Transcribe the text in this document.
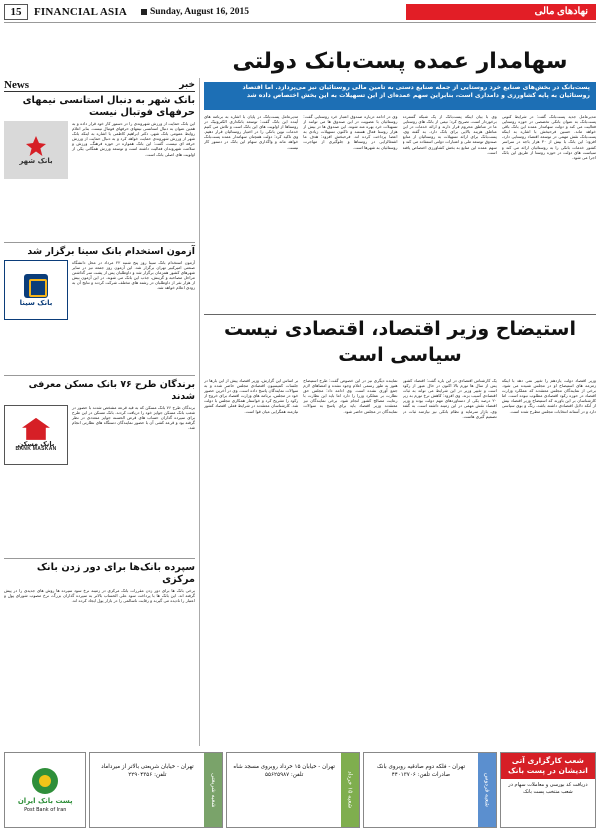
15	FINANCIAL ASIA	Sunday, August 16, 2015	نهادهای مالی
سهامدار عمده پست‌بانک دولتی
پست‌بانک در بخش‌های صنایع خرد روستایی از جمله صنایع دستی به تامین مالی روستائیان نیز می‌پردازد. اما اقتصاد روستائیان به پایه کشاورزی و دامداری است، بنابراین سهم عمده‌ای از این تسهیلات به این بخش اختصاص داده شد
مدیرعامل جدید پست‌بانک گفت: در شرایط کنونی پست‌بانک به عنوان بانکی تخصصی در حوزه روستایی فعالیت می کند و دولت سهامدار عمده این بانک باقی خواهد ماند. حسین فرحبخش با اشاره به اینکه پست‌بانک نقش مهمی در توسعه اقتصاد روستایی دارد، افزود: این بانک با بیش از ۳۰ هزار باجه در سراسر کشور خدمات بانکی را به روستائیان ارائه می کند و سیاست های دولت در حوزه روستا از طریق این بانک اجرا می شود.
وی با بیان اینکه پست‌بانک از یک شبکه گسترده برخوردار است، تصریح کرد: نیمی از بانک های روستایی ما در مناطق محروم قرار دارند و ارائه خدمات در این مناطق هزینه بالایی برای بانک دارد. به گفته وی، پست‌بانک برای ارائه تسهیلات به روستائیان از منابع صندوق توسعه ملی و اعتبارات دولتی استفاده می کند و سهم عمده این منابع به بخش کشاورزی اختصاص یافته است.
وی در ادامه درباره صندوق اعتبار خرد روستایی گفت: روستائیان با عضویت در این صندوق ها می توانند از تسهیلات خرد بهره مند شوند. این صندوق ها در بیش از هزار روستا فعال هستند و تاکنون تسهیلات زیادی به اعضا پرداخت کرده اند. فرحبخش افزود: هدف ما اشتغالزایی در روستاها و جلوگیری از مهاجرت روستائیان به شهرها است.
مدیرعامل پست‌بانک در پایان با اشاره به برنامه های آینده این بانک گفت: توسعه بانکداری الکترونیک در روستاها از اولویت های این بانک است و تلاش می کنیم خدمات نوین بانکی را در اختیار روستائیان قرار دهیم. وی تاکید کرد: دولت همچنان سهامدار عمده پست‌بانک خواهد ماند و واگذاری سهام این بانک در دستور کار نیست.
استیضاح وزیر اقتصاد، اقتصادی نیست سیاسی است
وزیر اقتصاد دولت یازدهم را تغییر نمی دهد با اینکه زمزمه های استیضاح او در مجلس شنیده می شود. برخی از نمایندگان مجلس معتقدند که عملکرد وزارت اقتصاد در حوزه رکود اقتصادی مطلوب نبوده است. اما کارشناسان بر این باورند که استیضاح وزیر اقتصاد بیش از آنکه دلایل اقتصادی داشته باشد، رنگ و بوی سیاسی دارد و در آستانه انتخابات مجلس مطرح شده است.
یک کارشناس اقتصادی در این باره گفت: اقتصاد کشور پس از سال ها تورم بالا اکنون در حال عبور از رکود است و تغییر وزیر در این شرایط می تواند به ثبات اقتصادی آسیب بزند. وی افزود: کاهش نرخ تورم به زیر ۲۰ درصد یکی از دستاوردهای مهم دولت بوده و وزیر اقتصاد نقش مهمی در این زمینه داشته است. به گفته وی، بازار سرمایه و نظام بانکی نیز نیازمند ثبات در تصمیم گیری هاست.
نماینده دیگری نیز در این خصوص گفت: طرح استیضاح هنوز به طور رسمی اعلام وجود نشده و امضاهای لازم جمع آوری نشده است. وی ادامه داد: مجلس حق نظارت بر عملکرد وزرا را دارد اما باید این نظارت با رعایت مصالح کشور انجام شود. برخی نمایندگان نیز معتقدند وزیر اقتصاد باید برای پاسخ به سوالات نمایندگان در مجلس حاضر شود.
بر اساس این گزارش، وزیر اقتصاد پیش از این بارها در جلسات کمیسیون اقتصادی مجلس حاضر شده و به سوالات نمایندگان پاسخ داده است. وی در آخرین حضور خود در مجلس، برنامه های وزارت اقتصاد برای خروج از رکود را تشریح کرد و خواستار همکاری مجلس با دولت شد. کارشناسان معتقدند در شرایط فعلی اقتصاد کشور نیازمند همگرایی میان قوا است.
News	خبر
بانک شهر به دنبال استانسی نیمهای حرفهای فوتبال نیست
بانک شهر

این بانک حمایت از ورزش شهروندی را در دستور کار خود قرار داده و به همین عنوان به دنبال استانسی نیمهای حرفهای فوتبال نیست. بنابر اعلام روابط عمومی بانک شهر، دکتر ابراهیم کاظمی با اشاره به اینکه بانک شهر از ورزش شهروندی حمایت خواهد کرد و به دنبال حمایت از ورزش حرفه ای نیست، گفت: این بانک همواره در حوزه فرهنگ، ورزش و سلامت شهروندان فعالیت داشته است و توسعه ورزش همگانی یکی از اولویت های اصلی بانک است.

آزمون استخدام بانک سینا برگزار شد
بانک سینا

آزمون استخدام بانک سینا روز پنج شنبه ۲۲ مرداد در محل دانشگاه صنعتی امیرکبیر تهران برگزار شد. این آزمون روز جمعه نیز در سایر شهرهای کشور همزمان برگزار شد و داوطلبان پس از پشت سر گذاشتن مراحل مصاحبه و گزینش، جذب این بانک می شوند. در این آزمون بیش از هزار نفر از داوطلبان در رشته های مختلف شرکت کردند و نتایج آن به زودی اعلام خواهد شد.

برندگان طرح ۷۶ بانک مسکن معرفی شدند
بانک مسکن
BANK MASKAN

برندگان طرح ۷۶ بانک مسکن که به قید قرعه مشخص شدند با حضور در شعب بانک مسکن جوایز خود را دریافت کردند. بانک مسکن در این طرح برای سپرده گذاران حساب های قرض الحسنه جوایز متعددی در نظر گرفته بود و قرعه کشی آن با حضور نمایندگان دستگاه های نظارتی انجام شد.

سپرده بانک‌ها برای دور زدن بانک مرکزی

برخی بانک ها برای دور زدن مقررات بانک مرکزی در زمینه نرخ سود سپرده ها روش های جدیدی را در پیش گرفته اند. این بانک ها با پرداخت سود علی الحساب بالاتر به سپرده گذاران بزرگ، نرخ مصوب شورای پول و اعتبار را نادیده می گیرند و رقابت ناسالمی را در بازار پول ایجاد کرده اند.

شعب کارگزاری آتی اندیشان در پست بانک
دریافت کد بورسی و معاملات سهام در شعب منتخب پست بانک
شعبه فردوس
تهران - فلکه دوم صادقیه روبروی بانک صادرات تلفن: ۴۴۰۱۳۷۰۶
شعبه ۱۵ خرداد
تهران - خیابان ۱۵ خرداد روبروی مسجد شاه تلفن: ۵۵۶۲۵۹۸۷
شعبه شریعتی
تهران - خیابان شریعتی بالاتر از میرداماد تلفن: ۲۲۹۰۴۳۵۶
پست بانک ایران
Post Bank of Iran
